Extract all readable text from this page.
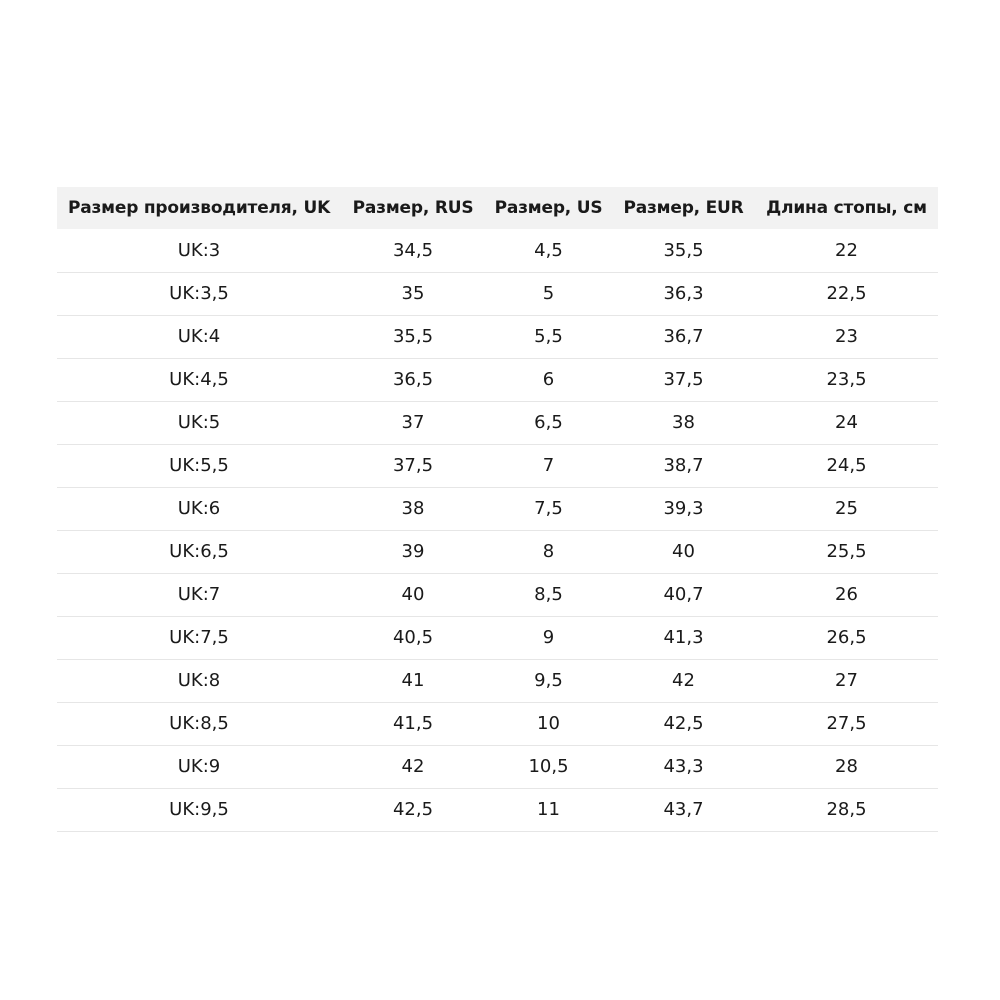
Размер производителя, UK	Размер, RUS	Размер, US	Размер, EUR	Длина стопы, см
UK:3	34,5	4,5	35,5	22
UK:3,5	35	5	36,3	22,5
UK:4	35,5	5,5	36,7	23
UK:4,5	36,5	6	37,5	23,5
UK:5	37	6,5	38	24
UK:5,5	37,5	7	38,7	24,5
UK:6	38	7,5	39,3	25
UK:6,5	39	8	40	25,5
UK:7	40	8,5	40,7	26
UK:7,5	40,5	9	41,3	26,5
UK:8	41	9,5	42	27
UK:8,5	41,5	10	42,5	27,5
UK:9	42	10,5	43,3	28
UK:9,5	42,5	11	43,7	28,5
